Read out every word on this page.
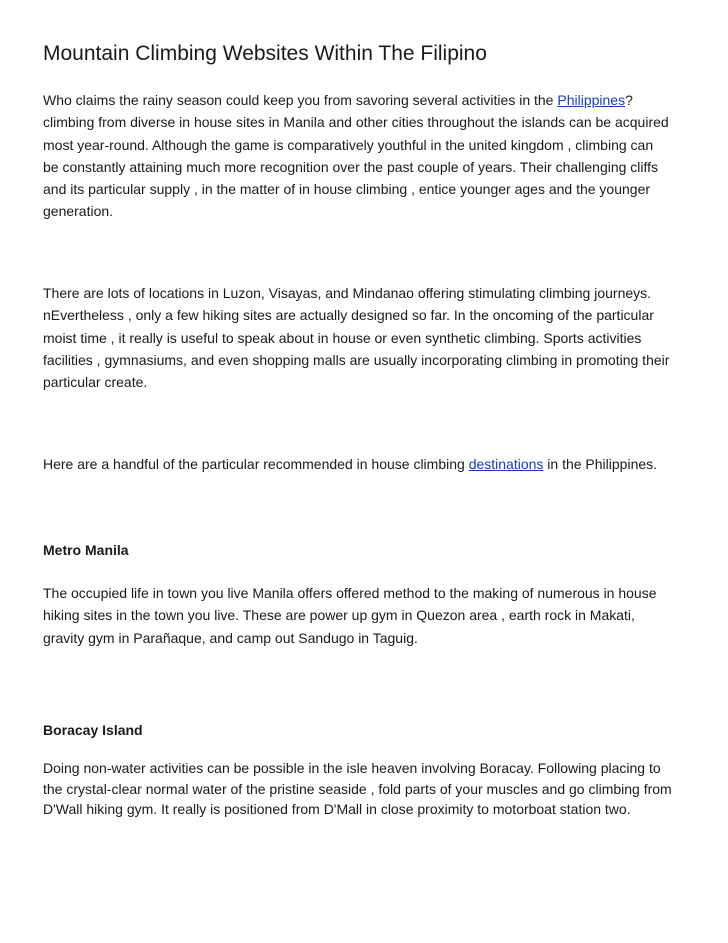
Mountain Climbing Websites Within The Filipino

Who claims the rainy season could keep you from savoring several activities in the Philippines?
climbing from diverse in house sites in Manila and other cities throughout the islands can be acquired
most year-round. Although the game is comparatively youthful in the united kingdom , climbing can
be constantly attaining much more recognition over the past couple of years. Their challenging cliffs
and its particular supply , in the matter of in house climbing , entice younger ages and the younger
generation.

There are lots of locations in Luzon, Visayas, and Mindanao offering stimulating climbing journeys.
nEvertheless , only a few hiking sites are actually designed so far. In the oncoming of the particular
moist time , it really is useful to speak about in house or even synthetic climbing. Sports activities
facilities , gymnasiums, and even shopping malls are usually incorporating climbing in promoting their
particular create.

Here are a handful of the particular recommended in house climbing destinations in the Philippines.

Metro Manila

The occupied life in town you live Manila offers offered method to the making of numerous in house
hiking sites in the town you live. These are power up gym in Quezon area , earth rock in Makati,
gravity gym in Parañaque, and camp out Sandugo in Taguig.

Boracay Island

Doing non-water activities can be possible in the isle heaven involving Boracay. Following placing to
the crystal-clear normal water of the pristine seaside , fold parts of your muscles and go climbing from
D'Wall hiking gym. It really is positioned from D'Mall in close proximity to motorboat station two.
